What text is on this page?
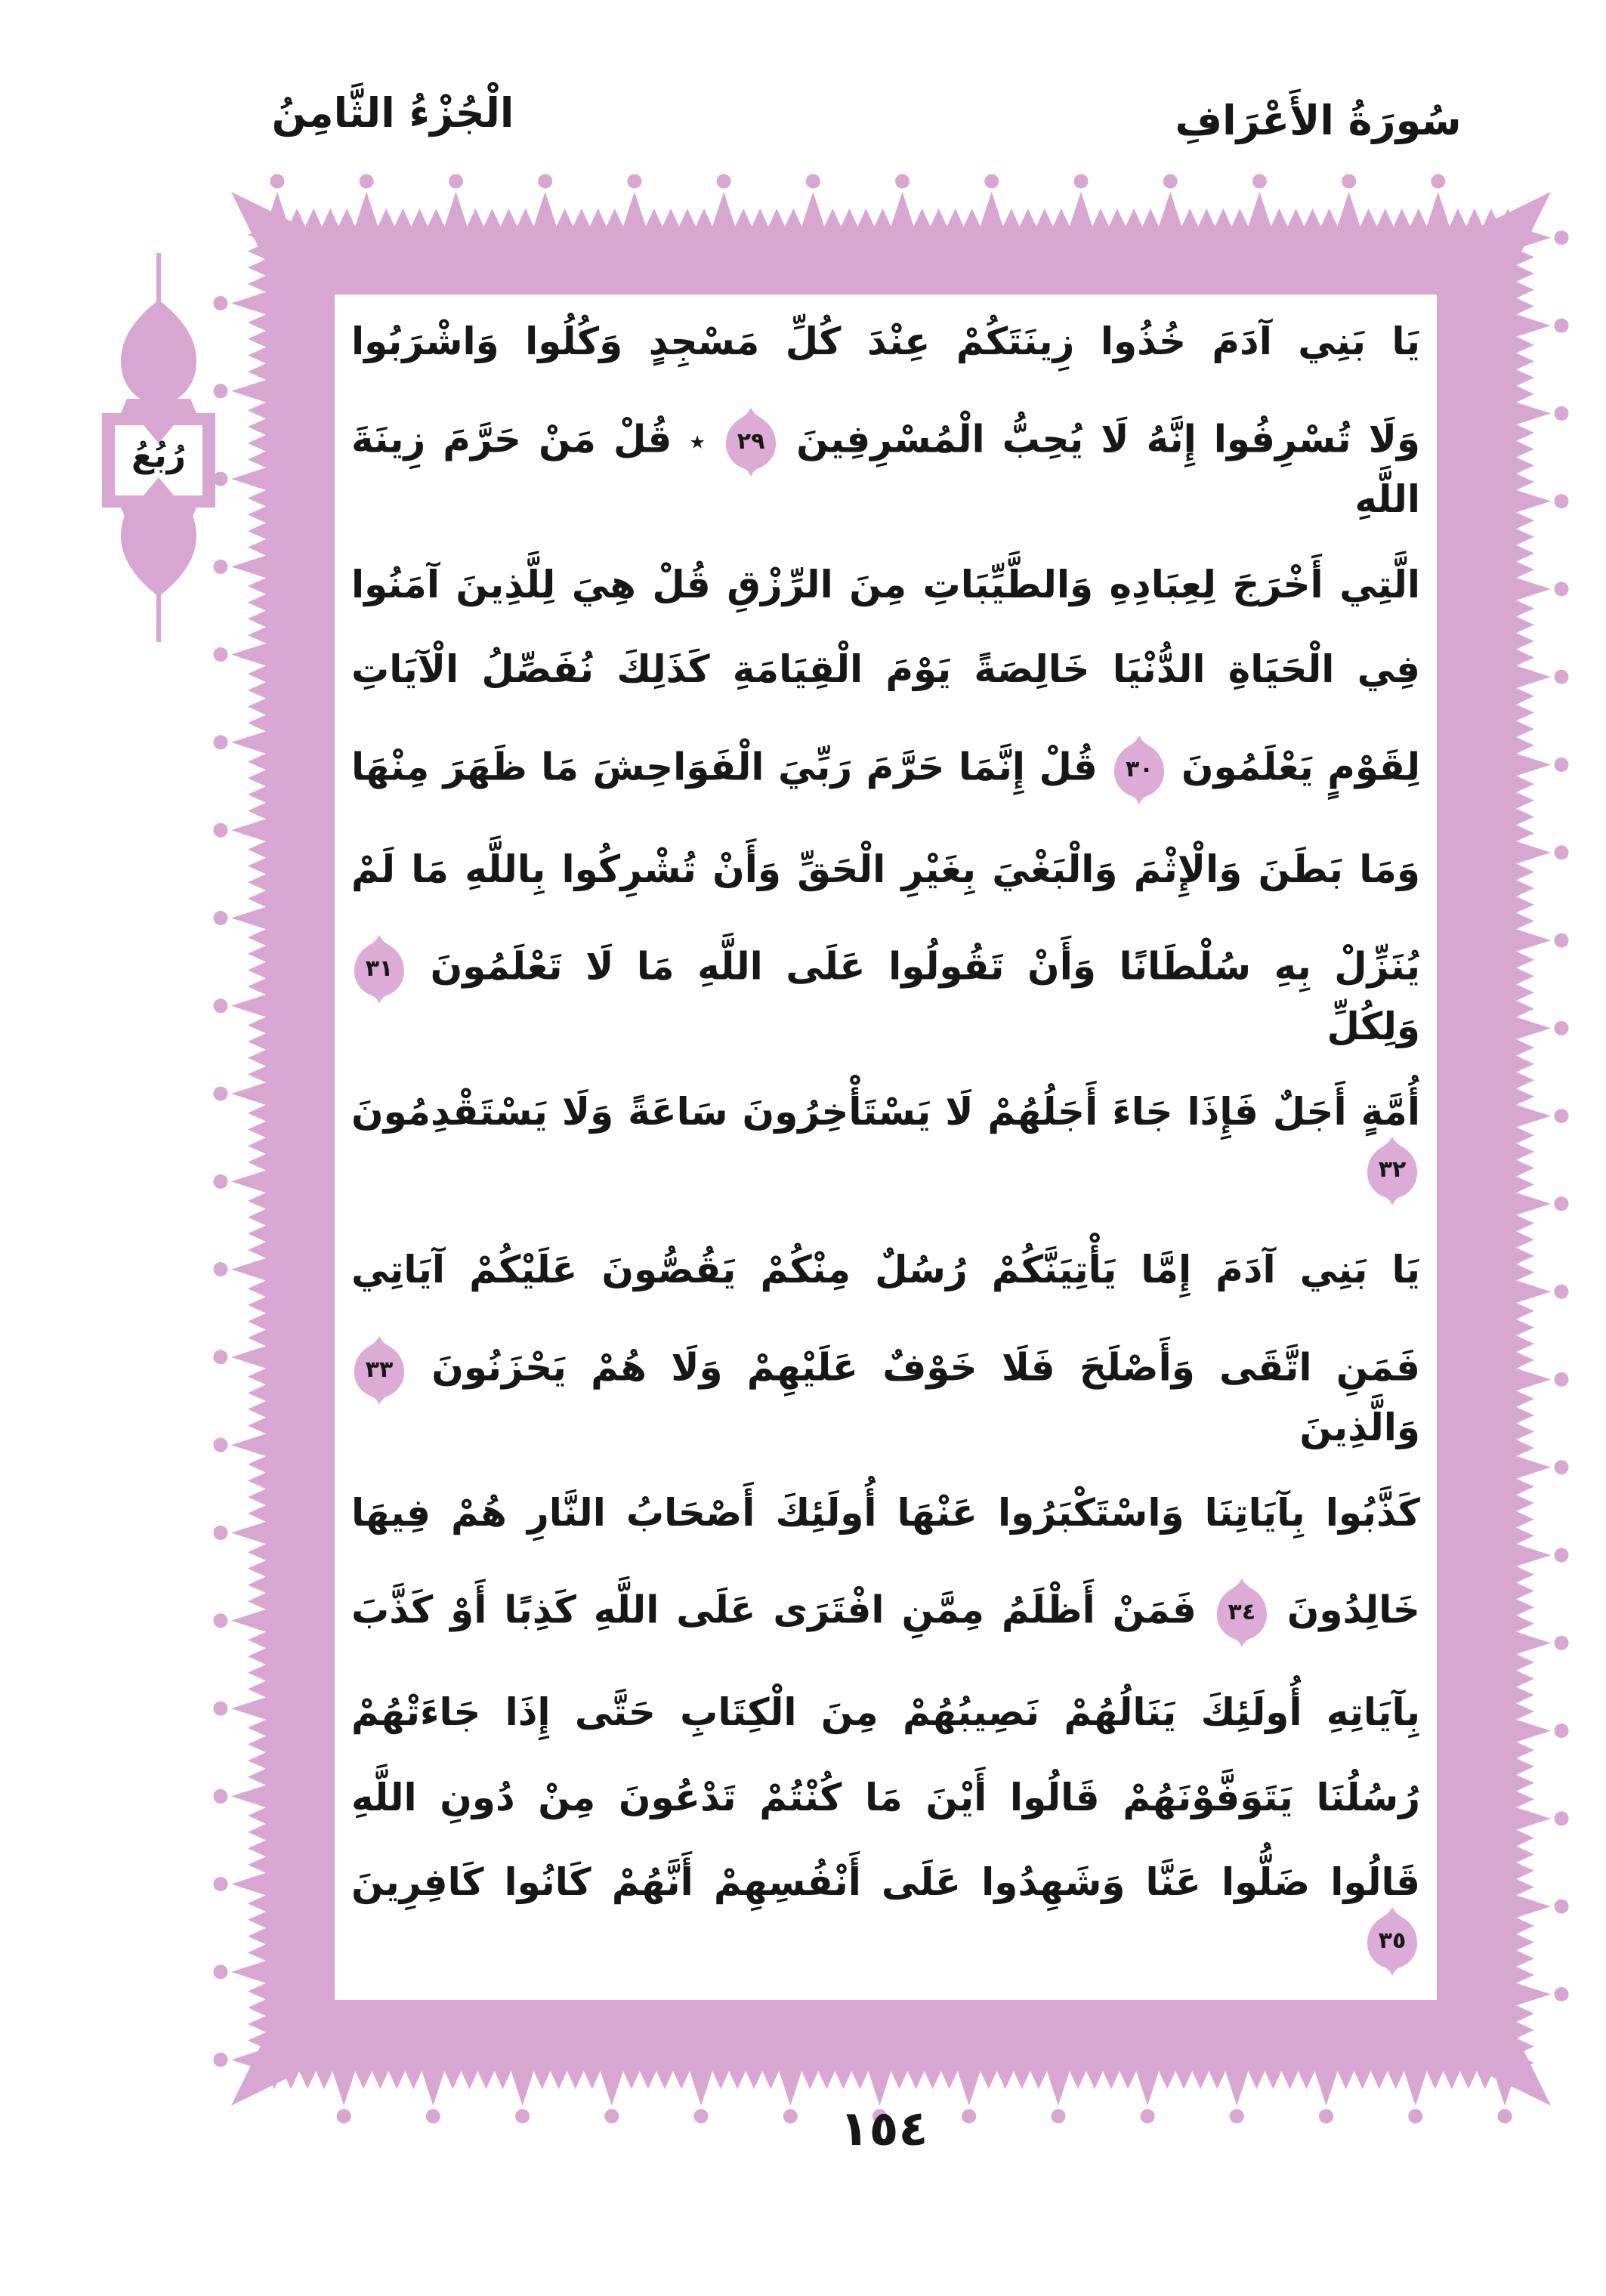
الْجُزْءُ الثَّامِنُ	سُورَةُ الأَعْرَافِ
رُبُعُ
يَا بَنِي آدَمَ خُذُوا زِينَتَكُمْ عِنْدَ كُلِّ مَسْجِدٍ وَكُلُوا وَاشْرَبُوا
وَلَا تُسْرِفُوا إِنَّهُ لَا يُحِبُّ الْمُسْرِفِينَ
٢٩
٭ قُلْ مَنْ حَرَّمَ زِينَةَ اللَّهِ
الَّتِي أَخْرَجَ لِعِبَادِهِ وَالطَّيِّبَاتِ مِنَ الرِّزْقِ قُلْ هِيَ لِلَّذِينَ آمَنُوا
فِي الْحَيَاةِ الدُّنْيَا خَالِصَةً يَوْمَ الْقِيَامَةِ كَذَلِكَ نُفَصِّلُ الْآيَاتِ
لِقَوْمٍ يَعْلَمُونَ
٣٠
قُلْ إِنَّمَا حَرَّمَ رَبِّيَ الْفَوَاحِشَ مَا ظَهَرَ مِنْهَا
وَمَا بَطَنَ وَالْإِثْمَ وَالْبَغْيَ بِغَيْرِ الْحَقِّ وَأَنْ تُشْرِكُوا بِاللَّهِ مَا لَمْ
يُنَزِّلْ بِهِ سُلْطَانًا وَأَنْ تَقُولُوا عَلَى اللَّهِ مَا لَا تَعْلَمُونَ
٣١
وَلِكُلِّ
أُمَّةٍ أَجَلٌ فَإِذَا جَاءَ أَجَلُهُمْ لَا يَسْتَأْخِرُونَ سَاعَةً وَلَا يَسْتَقْدِمُونَ
٣٢
يَا بَنِي آدَمَ إِمَّا يَأْتِيَنَّكُمْ رُسُلٌ مِنْكُمْ يَقُصُّونَ عَلَيْكُمْ آيَاتِي
فَمَنِ اتَّقَى وَأَصْلَحَ فَلَا خَوْفٌ عَلَيْهِمْ وَلَا هُمْ يَحْزَنُونَ
٣٣
وَالَّذِينَ
كَذَّبُوا بِآيَاتِنَا وَاسْتَكْبَرُوا عَنْهَا أُولَئِكَ أَصْحَابُ النَّارِ هُمْ فِيهَا
خَالِدُونَ
٣٤
فَمَنْ أَظْلَمُ مِمَّنِ افْتَرَى عَلَى اللَّهِ كَذِبًا أَوْ كَذَّبَ
بِآيَاتِهِ أُولَئِكَ يَنَالُهُمْ نَصِيبُهُمْ مِنَ الْكِتَابِ حَتَّى إِذَا جَاءَتْهُمْ
رُسُلُنَا يَتَوَفَّوْنَهُمْ قَالُوا أَيْنَ مَا كُنْتُمْ تَدْعُونَ مِنْ دُونِ اللَّهِ
قَالُوا ضَلُّوا عَنَّا وَشَهِدُوا عَلَى أَنْفُسِهِمْ أَنَّهُمْ كَانُوا كَافِرِينَ
٣٥
١٥٤
